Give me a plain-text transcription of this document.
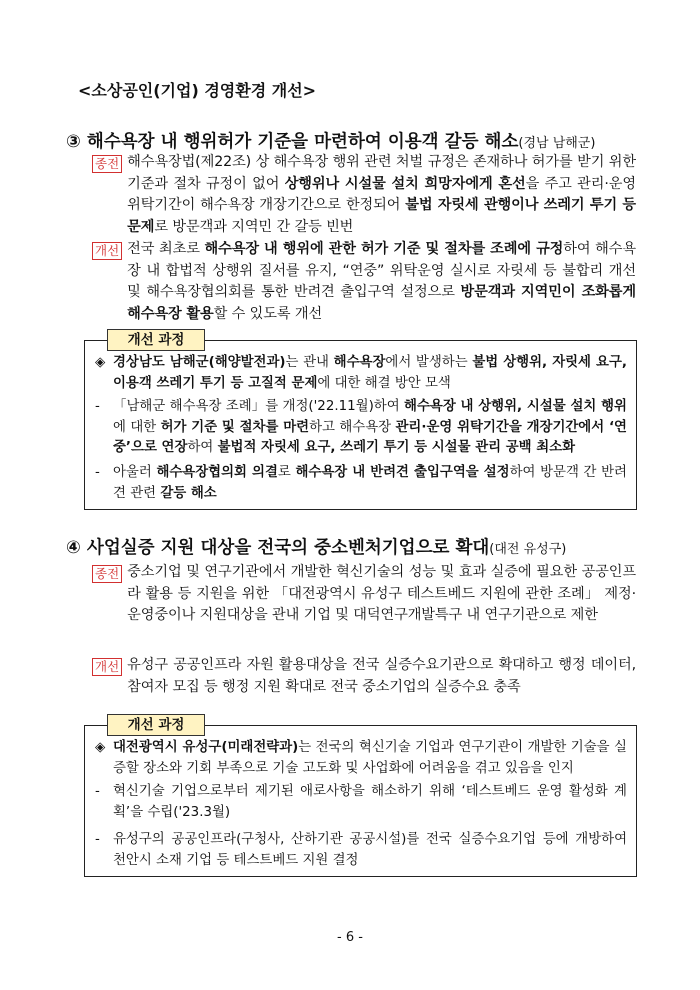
<소상공인(기업) 경영환경 개선>
③ 해수욕장 내 행위허가 기준을 마련하여 이용객 갈등 해소(경남 남해군)
종전 해수욕장법(제22조) 상 해수욕장 행위 관련 처벌 규정은 존재하나 허가를 받기 위한 기준과 절차 규정이 없어 상행위나 시설물 설치 희망자에게 혼선을 주고 관리·운영 위탁기간이 해수욕장 개장기간으로 한정되어 불법 자릿세 관행이나 쓰레기 투기 등 문제로 방문객과 지역민 간 갈등 빈번

개선 전국 최초로 해수욕장 내 행위에 관한 허가 기준 및 절차를 조례에 규정하여 해수욕장 내 합법적 상행위 질서를 유지, “연중” 위탁운영 실시로 자릿세 등 불합리 개선 및 해수욕장협의회를 통한 반려견 출입구역 설정으로 방문객과 지역민이 조화롭게 해수욕장 활용할 수 있도록 개선

개선 과정
◈ 경상남도 남해군(해양발전과)는 관내 해수욕장에서 발생하는 불법 상행위, 자릿세 요구, 이용객 쓰레기 투기 등 고질적 문제에 대한 해결 방안 모색
- 「남해군 해수욕장 조례」를 개정('22.11월)하여 해수욕장 내 상행위, 시설물 설치 행위에 대한 허가 기준 및 절차를 마련하고 해수욕장 관리·운영 위탁기간을 개장기간에서 ‘연중’으로 연장하여 불법적 자릿세 요구, 쓰레기 투기 등 시설물 관리 공백 최소화
- 아울러 해수욕장협의회 의결로 해수욕장 내 반려견 출입구역을 설정하여 방문객 간 반려견 관련 갈등 해소
④ 사업실증 지원 대상을 전국의 중소벤처기업으로 확대(대전 유성구)
종전 중소기업 및 연구기관에서 개발한 혁신기술의 성능 및 효과 실증에 필요한 공공인프라 활용 등 지원을 위한 「대전광역시 유성구 테스트베드 지원에 관한 조례」 제정·운영중이나 지원대상을 관내 기업 및 대덕연구개발특구 내 연구기관으로 제한

개선 유성구 공공인프라 자원 활용대상을 전국 실증수요기관으로 확대하고 행정 데이터, 참여자 모집 등 행정 지원 확대로 전국 중소기업의 실증수요 충족

개선 과정
◈ 대전광역시 유성구(미래전략과)는 전국의 혁신기술 기업과 연구기관이 개발한 기술을 실증할 장소와 기회 부족으로 기술 고도화 및 사업화에 어려움을 겪고 있음을 인지
- 혁신기술 기업으로부터 제기된 애로사항을 해소하기 위해 ‘테스트베드 운영 활성화 계획’을 수립('23.3월)
- 유성구의 공공인프라(구청사, 산하기관 공공시설)를 전국 실증수요기업 등에 개방하여 천안시 소재 기업 등 테스트베드 지원 결정
- 6 -
